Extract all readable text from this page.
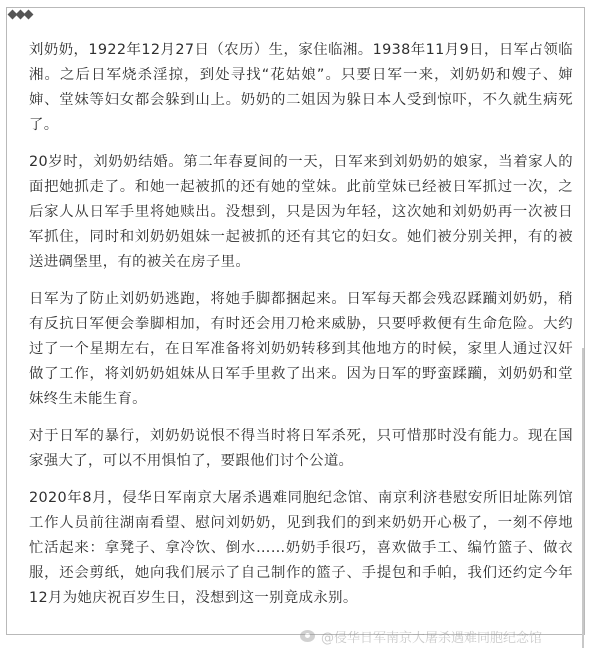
刘奶奶，1922年12月27日（农历）生，家住临湘。1938年11月9日，日军占领临湘。之后日军烧杀淫掠，到处寻找“花姑娘”。只要日军一来，刘奶奶和嫂子、婶婶、堂妹等妇女都会躲到山上。奶奶的二姐因为躲日本人受到惊吓，不久就生病死了。

20岁时，刘奶奶结婚。第二年春夏间的一天，日军来到刘奶奶的娘家，当着家人的面把她抓走了。和她一起被抓的还有她的堂妹。此前堂妹已经被日军抓过一次，之后家人从日军手里将她赎出。没想到，只是因为年轻，这次她和刘奶奶再一次被日军抓住，同时和刘奶奶姐妹一起被抓的还有其它的妇女。她们被分别关押，有的被送进碉堡里，有的被关在房子里。

日军为了防止刘奶奶逃跑，将她手脚都捆起来。日军每天都会残忍蹂躏刘奶奶，稍有反抗日军便会拳脚相加，有时还会用刀枪来威胁，只要呼救便有生命危险。大约过了一个星期左右，在日军准备将刘奶奶转移到其他地方的时候，家里人通过汉奸做了工作，将刘奶奶姐妹从日军手里救了出来。因为日军的野蛮蹂躏，刘奶奶和堂妹终生未能生育。

对于日军的暴行，刘奶奶说恨不得当时将日军杀死，只可惜那时没有能力。现在国家强大了，可以不用惧怕了，要跟他们讨个公道。

2020年8月，侵华日军南京大屠杀遇难同胞纪念馆、南京利济巷慰安所旧址陈列馆工作人员前往湖南看望、慰问刘奶奶，见到我们的到来奶奶开心极了，一刻不停地忙活起来：拿凳子、拿冷饮、倒水……奶奶手很巧，喜欢做手工、编竹篮子、做衣服，还会剪纸，她向我们展示了自己制作的篮子、手提包和手帕，我们还约定今年12月为她庆祝百岁生日，没想到这一别竟成永别。

@侵华日军南京大屠杀遇难同胞纪念馆
